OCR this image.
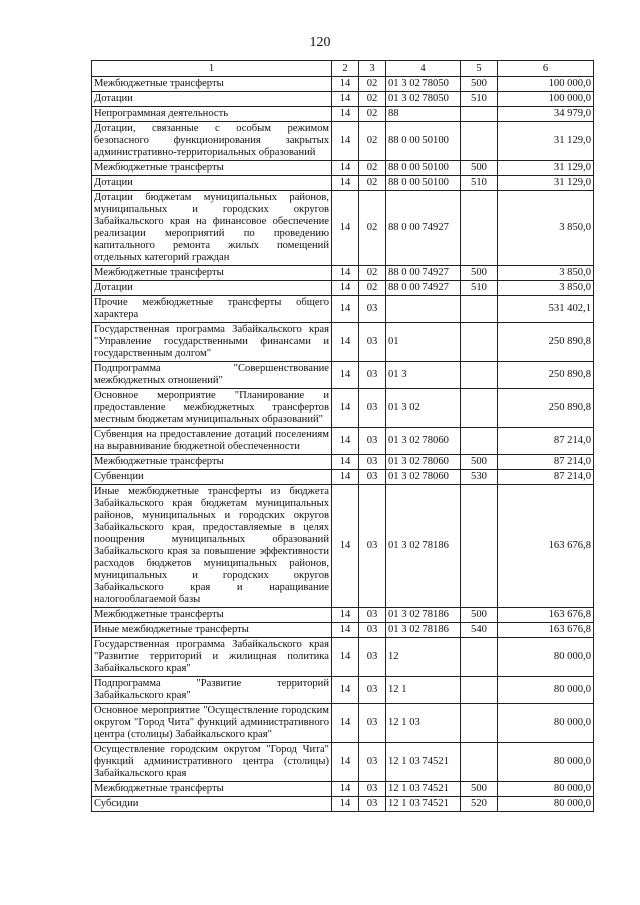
120
1	2	3	4	5	6
Межбюджетные трансферты	14	02	01 3 02 78050	500	100 000,0
Дотации	14	02	01 3 02 78050	510	100 000,0
Непрограммная деятельность	14	02	88		34 979,0
Дотации, связанные с особым режимом безопасного функционирования закрытых административно-территориальных образований	14	02	88 0 00 50100		31 129,0
Межбюджетные трансферты	14	02	88 0 00 50100	500	31 129,0
Дотации	14	02	88 0 00 50100	510	31 129,0
Дотации бюджетам муниципальных районов, муниципальных и городских округов Забайкальского края на финансовое обеспечение реализации мероприятий по проведению капитального ремонта жилых помещений отдельных категорий граждан	14	02	88 0 00 74927		3 850,0
Межбюджетные трансферты	14	02	88 0 00 74927	500	3 850,0
Дотации	14	02	88 0 00 74927	510	3 850,0
Прочие межбюджетные трансферты общего характера	14	03			531 402,1
Государственная программа Забайкальского края "Управление государственными финансами и государственным долгом"	14	03	01		250 890,8
Подпрограмма "Совершенствование межбюджетных отношений"	14	03	01 3		250 890,8
Основное мероприятие "Планирование и предоставление межбюджетных трансфертов местным бюджетам муниципальных образований"	14	03	01 3 02		250 890,8
Субвенция на предоставление дотаций поселениям на выравнивание бюджетной обеспеченности	14	03	01 3 02 78060		87 214,0
Межбюджетные трансферты	14	03	01 3 02 78060	500	87 214,0
Субвенции	14	03	01 3 02 78060	530	87 214,0
Иные межбюджетные трансферты из бюджета Забайкальского края бюджетам муниципальных районов, муниципальных и городских округов Забайкальского края, предоставляемые в целях поощрения муниципальных образований Забайкальского края за повышение эффективности расходов бюджетов муниципальных районов, муниципальных и городских округов Забайкальского края и наращивание налогооблагаемой базы	14	03	01 3 02 78186		163 676,8
Межбюджетные трансферты	14	03	01 3 02 78186	500	163 676,8
Иные межбюджетные трансферты	14	03	01 3 02 78186	540	163 676,8
Государственная программа Забайкальского края "Развитие территорий и жилищная политика Забайкальского края"	14	03	12		80 000,0
Подпрограмма "Развитие территорий Забайкальского края"	14	03	12 1		80 000,0
Основное мероприятие "Осуществление городским округом "Город Чита" функций административного центра (столицы) Забайкальского края"	14	03	12 1 03		80 000,0
Осуществление городским округом "Город Чита" функций административного центра (столицы) Забайкальского края	14	03	12 1 03 74521		80 000,0
Межбюджетные трансферты	14	03	12 1 03 74521	500	80 000,0
Субсидии	14	03	12 1 03 74521	520	80 000,0
